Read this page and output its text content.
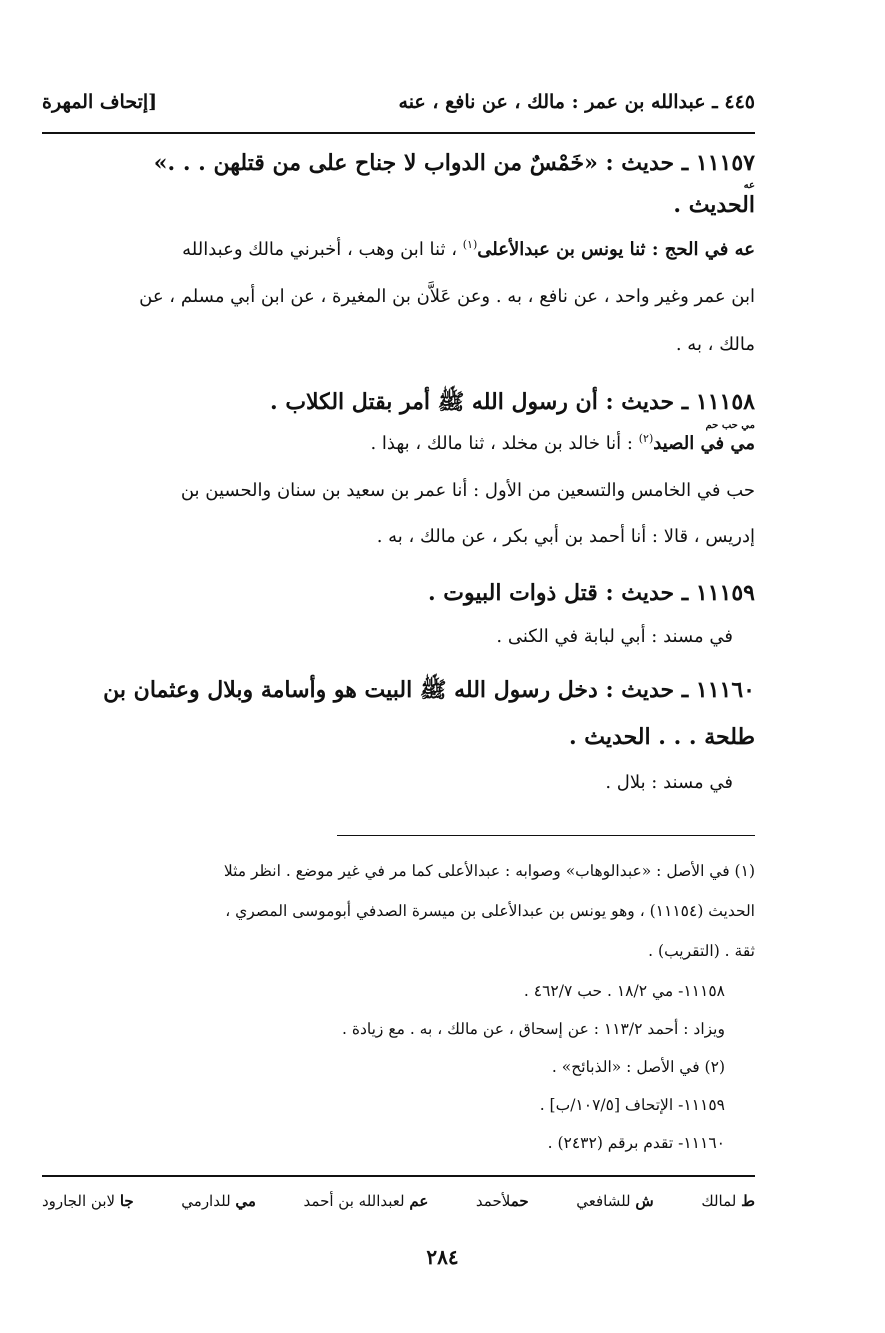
٤٤٥ ـ عبدالله بن عمر : مالك ، عن نافع ، عنه
[إتحاف المهرة
١١١٥٧ ـ حديث : «خَمْسٌ من الدواب لا جناح على من قتلهن . . .»
عه
الحديث .
عه في الحج : ثنا يونس بن عبدالأعلى$^{(١)}$ ، ثنا ابن وهب ، أخبرني مالك وعبدالله
ابن عمر وغير واحد ، عن نافع ، به . وعن عَلاَّن بن المغيرة ، عن ابن أبي مسلم ، عن
مالك ، به .
١١١٥٨ ـ حديث : أن رسول الله ﷺ أمر بقتل الكلاب .
مي حب حم
مي في الصيد$^{(٢)}$ : أنا خالد بن مخلد ، ثنا مالك ، بهذا .
حب في الخامس والتسعين من الأول : أنا عمر بن سعيد بن سنان والحسين بن
إدريس ، قالا : أنا أحمد بن أبي بكر ، عن مالك ، به .
١١١٥٩ ـ حديث : قتل ذوات البيوت .
في مسند : أبي لبابة في الكنى .
١١١٦٠ ـ حديث : دخل رسول الله ﷺ البيت هو وأسامة وبلال وعثمان بن
طلحة . . . الحديث .
في مسند : بلال .
(١) في الأصل : «عبدالوهاب» وصوابه : عبدالأعلى كما مر في غير موضع . انظر مثلا
الحديث (١١١٥٤) ، وهو يونس بن عبدالأعلى بن ميسرة الصدفي أبوموسى المصري ،
ثقة . (التقريب) .
١١١٥٨- مي ١٨/٢ . حب ٤٦٢/٧ .
ويزاد : أحمد ١١٣/٢ : عن إسحاق ، عن مالك ، به . مع زيادة .
(٢) في الأصل : «الذبائح» .
١١١٥٩- الإتحاف [١٠٧/٥/ب] .
١١١٦٠- تقدم برقم (٢٤٣٢) .
ط لمالك
ش للشافعي
حملأحمد
عم لعبدالله بن أحمد
مي للدارمي
جا لابن الجارود
٢٨٤
